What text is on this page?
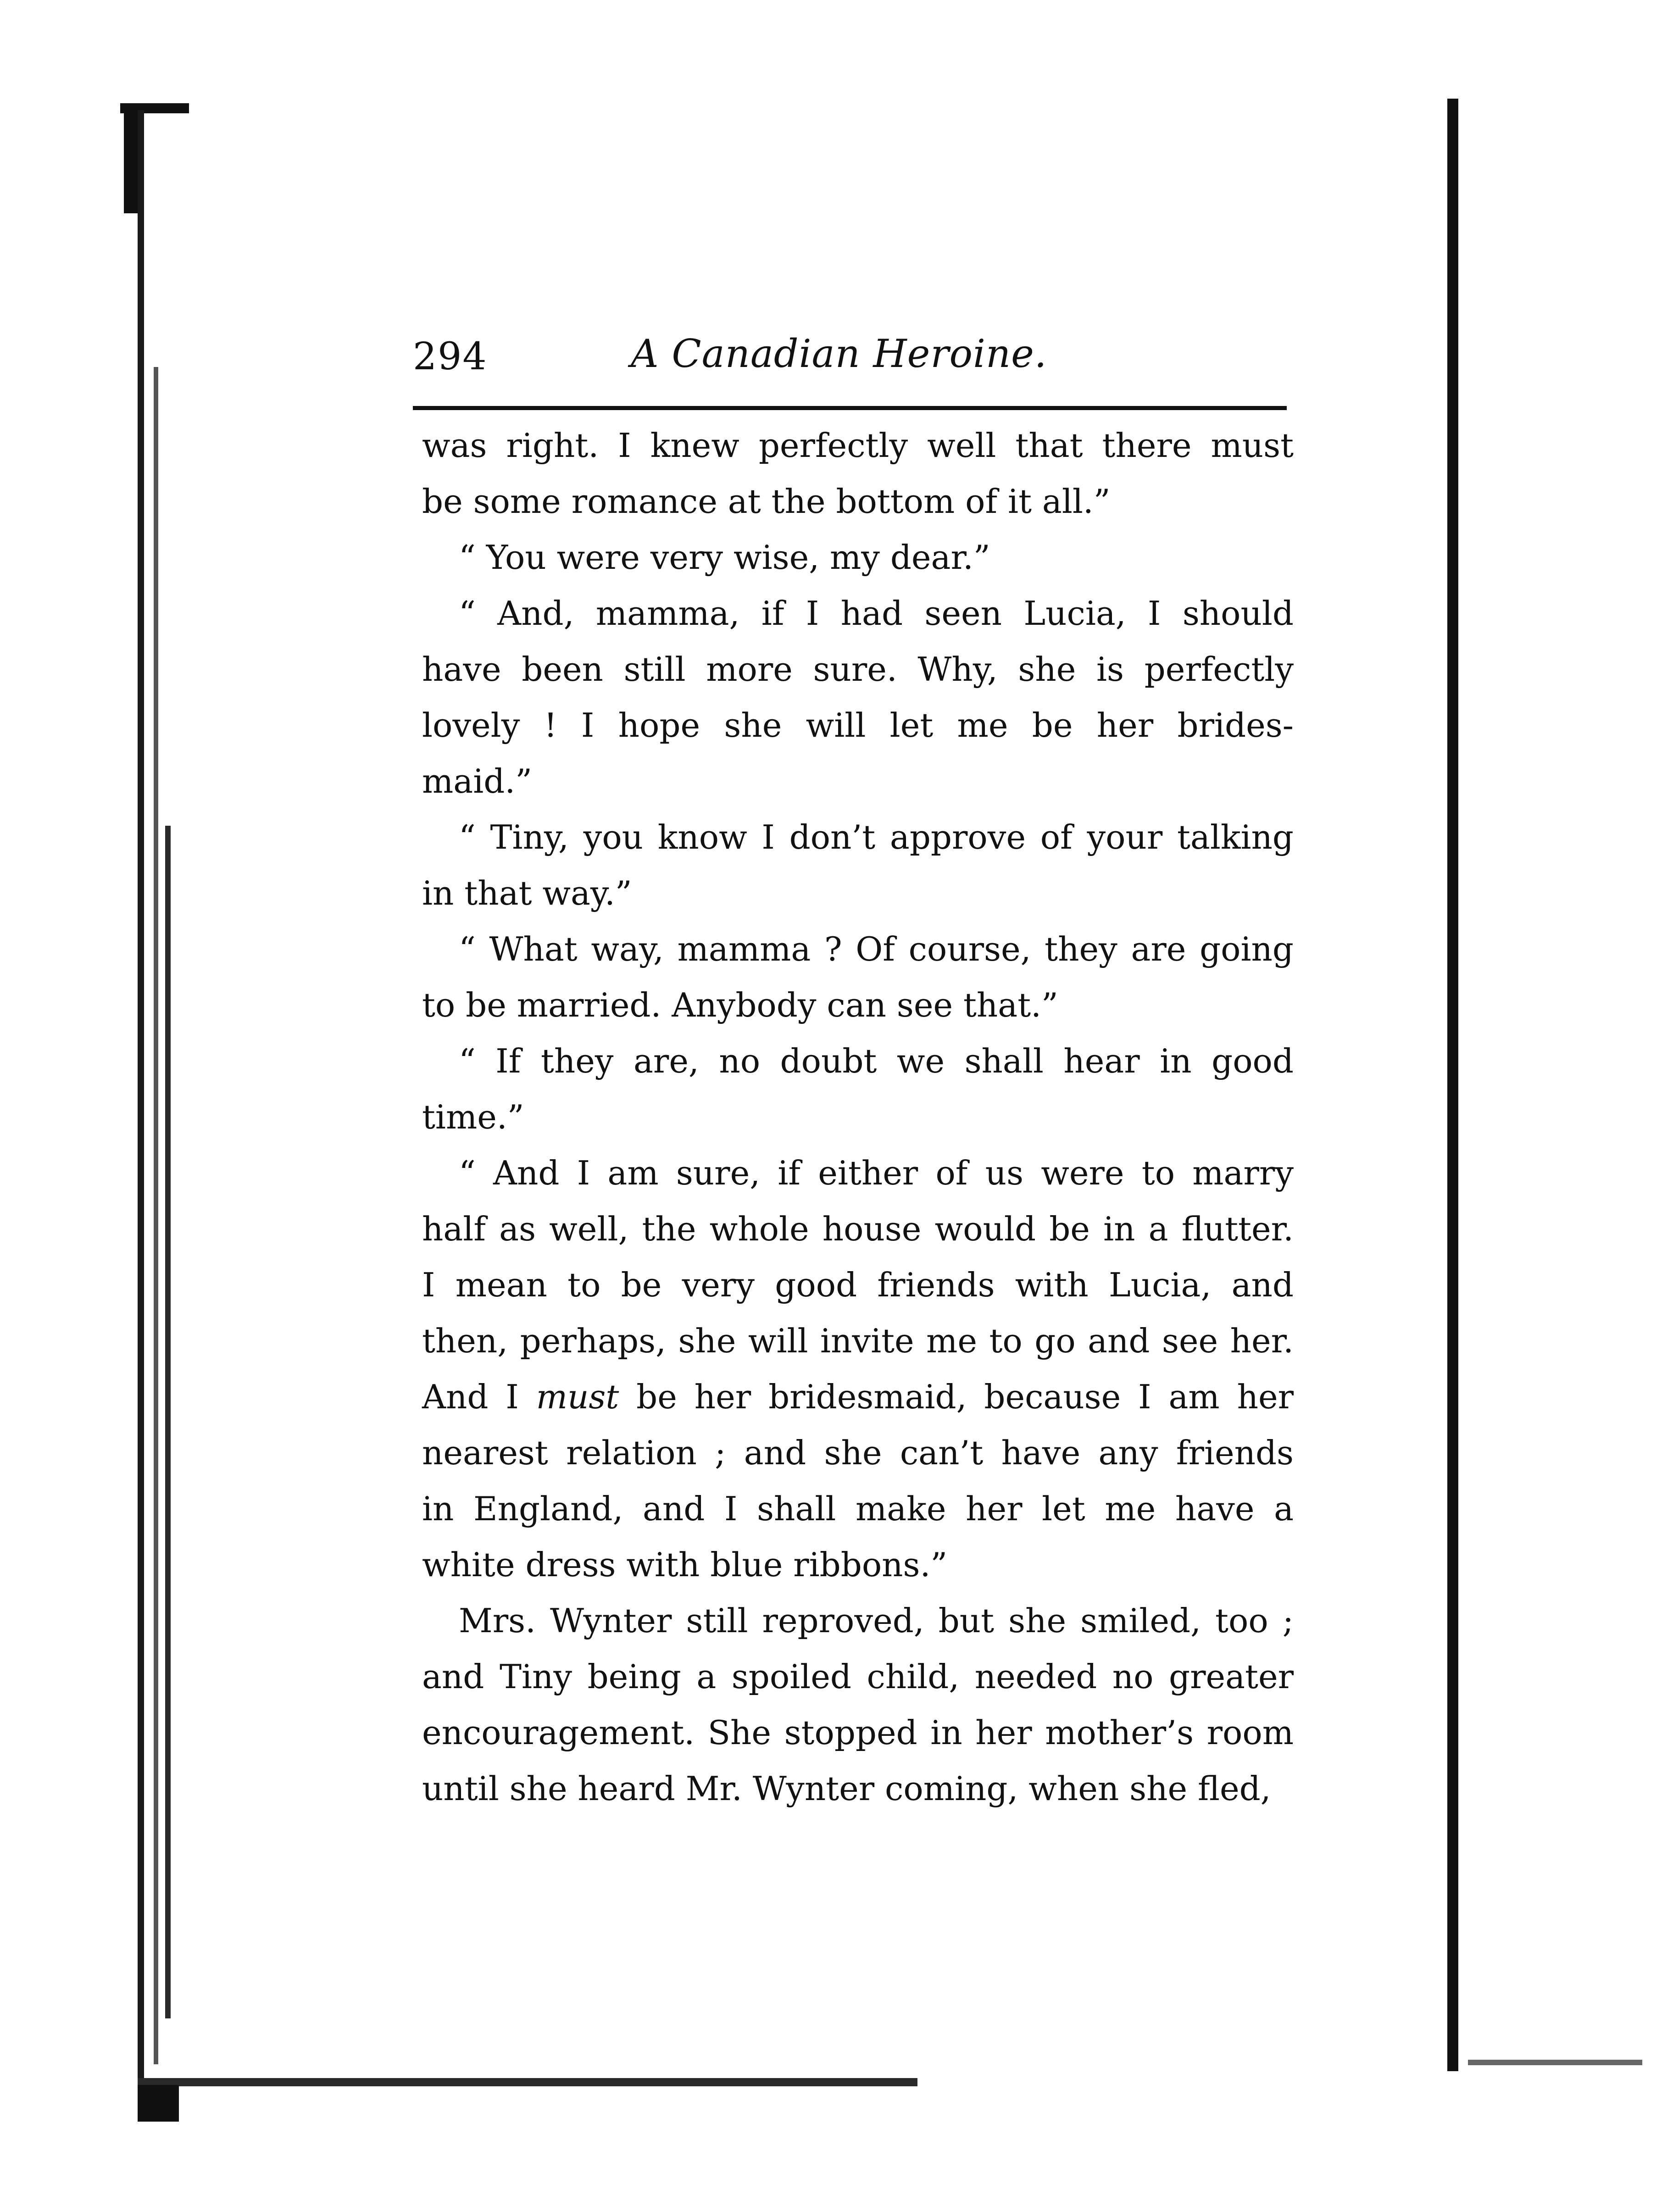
294	A Canadian Heroine.

was right. I knew perfectly well that there must
be some romance at the bottom of it all.”

“ You were very wise, my dear.”

“ And, mamma, if I had seen Lucia, I should
have been still more sure. Why, she is perfectly
lovely ! I hope she will let me be her brides-
maid.”

“ Tiny, you know I don’t approve of your talking
in that way.”

“ What way, mamma ? Of course, they are going
to be married. Anybody can see that.”

“ If they are, no doubt we shall hear in good
time.”

“ And I am sure, if either of us were to marry
half as well, the whole house would be in a flutter.
I mean to be very good friends with Lucia, and
then, perhaps, she will invite me to go and see her.
And I must be her bridesmaid, because I am her
nearest relation ; and she can’t have any friends
in England, and I shall make her let me have a
white dress with blue ribbons.”

Mrs. Wynter still reproved, but she smiled, too ;
and Tiny being a spoiled child, needed no greater
encouragement. She stopped in her mother’s room
until she heard Mr. Wynter coming, when she fled,
